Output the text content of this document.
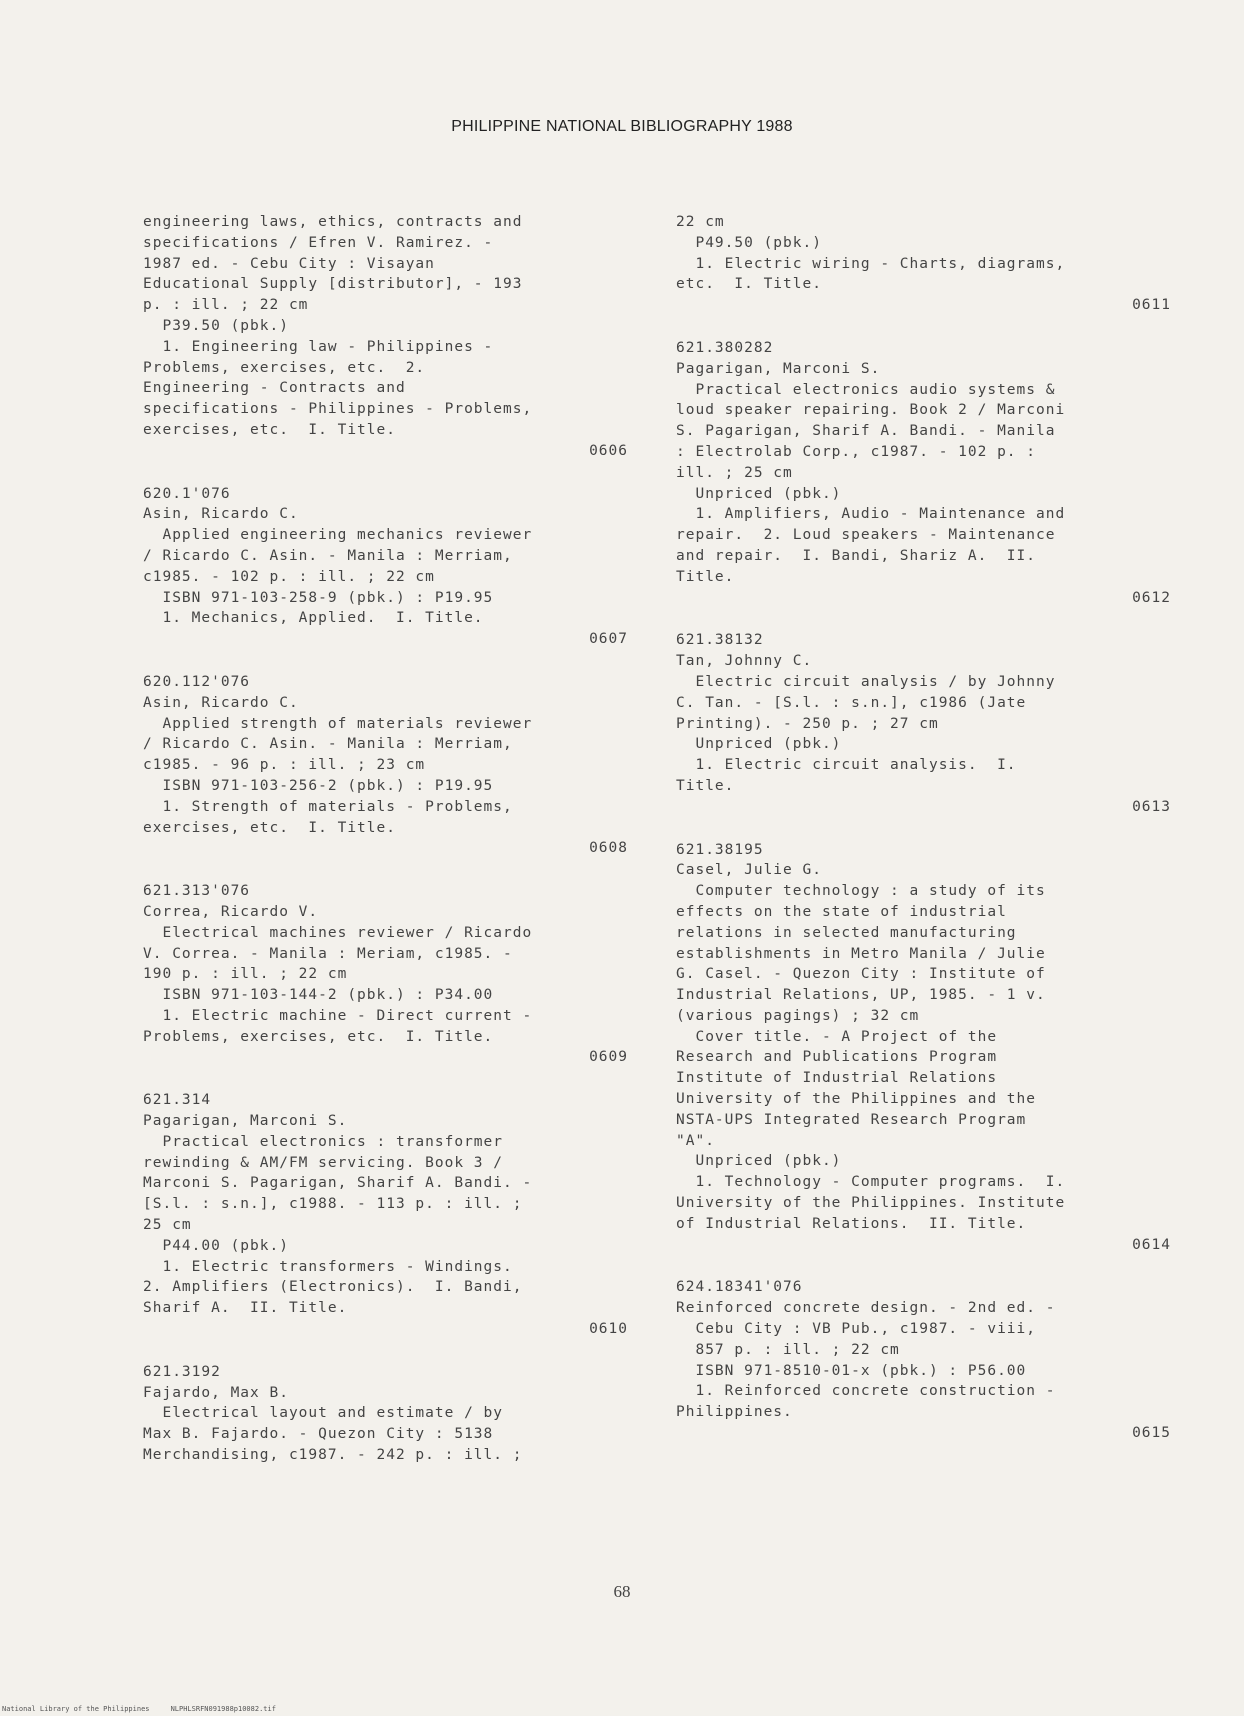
PHILIPPINE NATIONAL BIBLIOGRAPHY 1988
engineering laws, ethics, contracts and
specifications / Efren V. Ramirez. -
1987 ed. - Cebu City : Visayan
Educational Supply [distributor], - 193
p. : ill. ; 22 cm
P39.50 (pbk.)
1. Engineering law - Philippines -
Problems, exercises, etc.  2.
Engineering - Contracts and
specifications - Philippines - Problems,
exercises, etc.  I. Title.
0606
620.1'076
Asin, Ricardo C.
Applied engineering mechanics reviewer
/ Ricardo C. Asin. - Manila : Merriam,
c1985. - 102 p. : ill. ; 22 cm
ISBN 971-103-258-9 (pbk.) : P19.95
1. Mechanics, Applied.  I. Title.
0607
620.112'076
Asin, Ricardo C.
Applied strength of materials reviewer
/ Ricardo C. Asin. - Manila : Merriam,
c1985. - 96 p. : ill. ; 23 cm
ISBN 971-103-256-2 (pbk.) : P19.95
1. Strength of materials - Problems,
exercises, etc.  I. Title.
0608
621.313'076
Correa, Ricardo V.
Electrical machines reviewer / Ricardo
V. Correa. - Manila : Meriam, c1985. -
190 p. : ill. ; 22 cm
ISBN 971-103-144-2 (pbk.) : P34.00
1. Electric machine - Direct current -
Problems, exercises, etc.  I. Title.
0609
621.314
Pagarigan, Marconi S.
Practical electronics : transformer
rewinding & AM/FM servicing. Book 3 /
Marconi S. Pagarigan, Sharif A. Bandi. -
[S.l. : s.n.], c1988. - 113 p. : ill. ;
25 cm
P44.00 (pbk.)
1. Electric transformers - Windings.
2. Amplifiers (Electronics).  I. Bandi,
Sharif A.  II. Title.
0610
621.3192
Fajardo, Max B.
Electrical layout and estimate / by
Max B. Fajardo. - Quezon City : 5138
Merchandising, c1987. - 242 p. : ill. ;
22 cm
P49.50 (pbk.)
1. Electric wiring - Charts, diagrams,
etc.  I. Title.
0611
621.380282
Pagarigan, Marconi S.
Practical electronics audio systems &
loud speaker repairing. Book 2 / Marconi
S. Pagarigan, Sharif A. Bandi. - Manila
: Electrolab Corp., c1987. - 102 p. :
ill. ; 25 cm
Unpriced (pbk.)
1. Amplifiers, Audio - Maintenance and
repair.  2. Loud speakers - Maintenance
and repair.  I. Bandi, Shariz A.  II.
Title.
0612
621.38132
Tan, Johnny C.
Electric circuit analysis / by Johnny
C. Tan. - [S.l. : s.n.], c1986 (Jate
Printing). - 250 p. ; 27 cm
Unpriced (pbk.)
1. Electric circuit analysis.  I.
Title.
0613
621.38195
Casel, Julie G.
Computer technology : a study of its
effects on the state of industrial
relations in selected manufacturing
establishments in Metro Manila / Julie
G. Casel. - Quezon City : Institute of
Industrial Relations, UP, 1985. - 1 v.
(various pagings) ; 32 cm
Cover title. - A Project of the
Research and Publications Program
Institute of Industrial Relations
University of the Philippines and the
NSTA-UPS Integrated Research Program
"A".
Unpriced (pbk.)
1. Technology - Computer programs.  I.
University of the Philippines. Institute
of Industrial Relations.  II. Title.
0614
624.18341'076
Reinforced concrete design. - 2nd ed. -
Cebu City : VB Pub., c1987. - viii,
857 p. : ill. ; 22 cm
ISBN 971-8510-01-x (pbk.) : P56.00
1. Reinforced concrete construction -
Philippines.
0615
68
National Library of the Philippines     NLPHLSRFN091988p10082.tif
